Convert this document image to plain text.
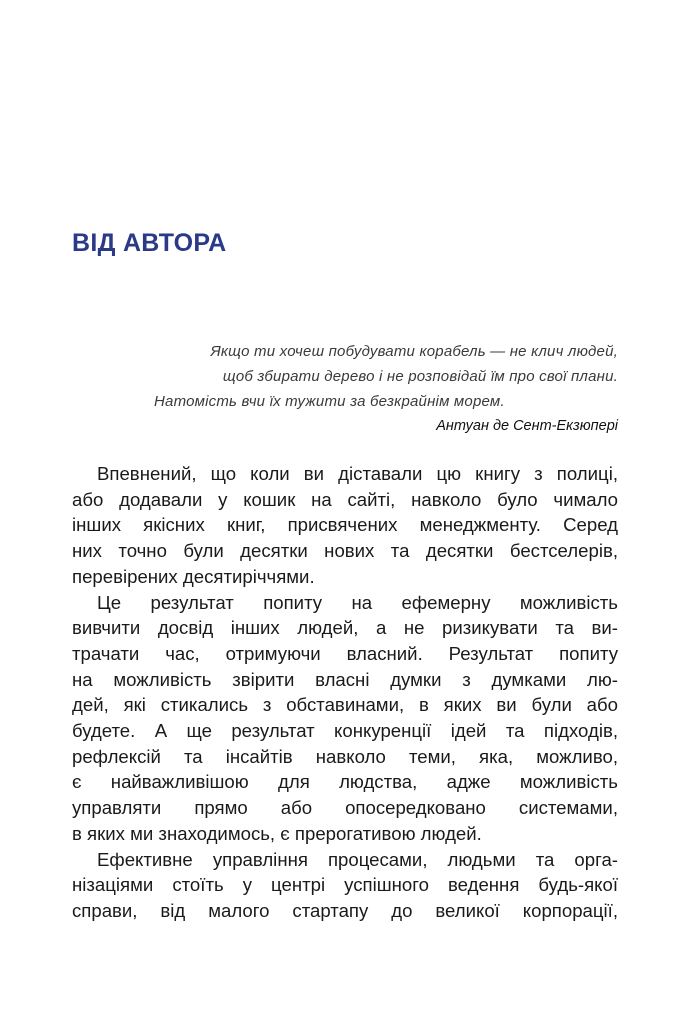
ВІД АВТОРА
Якщо ти хочеш побудувати корабель — не клич людей,
щоб збирати дерево і не розповідай їм про свої плани.
Натомість вчи їх тужити за безкрайнім морем.
Антуан де Сент-Екзюпері
Впевнений, що коли ви діставали цю книгу з полиці,
або додавали у кошик на сайті, навколо було чимало
інших якісних книг, присвячених менеджменту. Серед
них точно були десятки нових та десятки бестселерів,
перевірених десятиріччями.
Це результат попиту на ефемерну можливість
вивчити досвід інших людей, а не ризикувати та ви-
трачати час, отримуючи власний. Результат попиту
на можливість звірити власні думки з думками лю-
дей, які стикались з обставинами, в яких ви були або
будете. А ще результат конкуренції ідей та підходів,
рефлексій та інсайтів навколо теми, яка, можливо,
є найважливішою для людства, адже можливість
управляти прямо або опосередковано системами,
в яких ми знаходимось, є прерогативою людей.
Ефективне управління процесами, людьми та орга-
нізаціями стоїть у центрі успішного ведення будь-якої
справи, від малого стартапу до великої корпорації,
